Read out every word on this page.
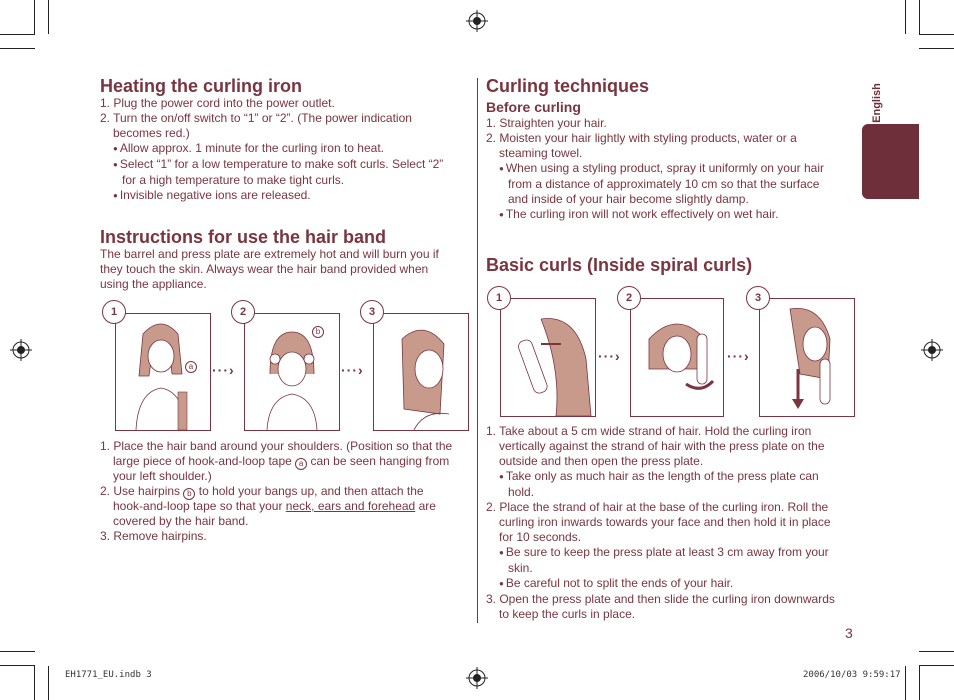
English
Heating the curling iron
1. Plug the power cord into the power outlet.
2. Turn the on/off switch to “1” or “2”. (The power indication
becomes red.)
● Allow approx. 1 minute for the curling iron to heat.
● Select “1” for a low temperature to make soft curls. Select “2”
for a high temperature to make tight curls.
● Invisible negative ions are released.
Instructions for use the hair band
The barrel and press plate are extremely hot and will burn you if
they touch the skin. Always wear the hair band provided when
using the appliance.
a ···›
b
···›
1	2	3
1. Place the hair band around your shoulders. (Position so that the
large piece of hook-and-loop tape a can be seen hanging from
your left shoulder.)
2. Use hairpins b to hold your bangs up, and then attach the
hook-and-loop tape so that your neck, ears and forehead are
covered by the hair band.
3. Remove hairpins.
Curling techniques
Before curling
1. Straighten your hair.
2. Moisten your hair lightly with styling products, water or a
steaming towel.
● When using a styling product, spray it uniformly on your hair
from a distance of approximately 10 cm so that the surface
and inside of your hair become slightly damp.
● The curling iron will not work effectively on wet hair.
Basic curls (Inside spiral curls)
···›	···›
1	2	3
1. Take about a 5 cm wide strand of hair. Hold the curling iron
vertically against the strand of hair with the press plate on the
outside and then open the press plate.
● Take only as much hair as the length of the press plate can
hold.
2. Place the strand of hair at the base of the curling iron. Roll the
curling iron inwards towards your face and then hold it in place
for 10 seconds.
● Be sure to keep the press plate at least 3 cm away from your
skin.
● Be careful not to split the ends of your hair.
3. Open the press plate and then slide the curling iron downwards
to keep the curls in place.
3
EH1771_EU.indb 3	2006/10/03 9:59:17
